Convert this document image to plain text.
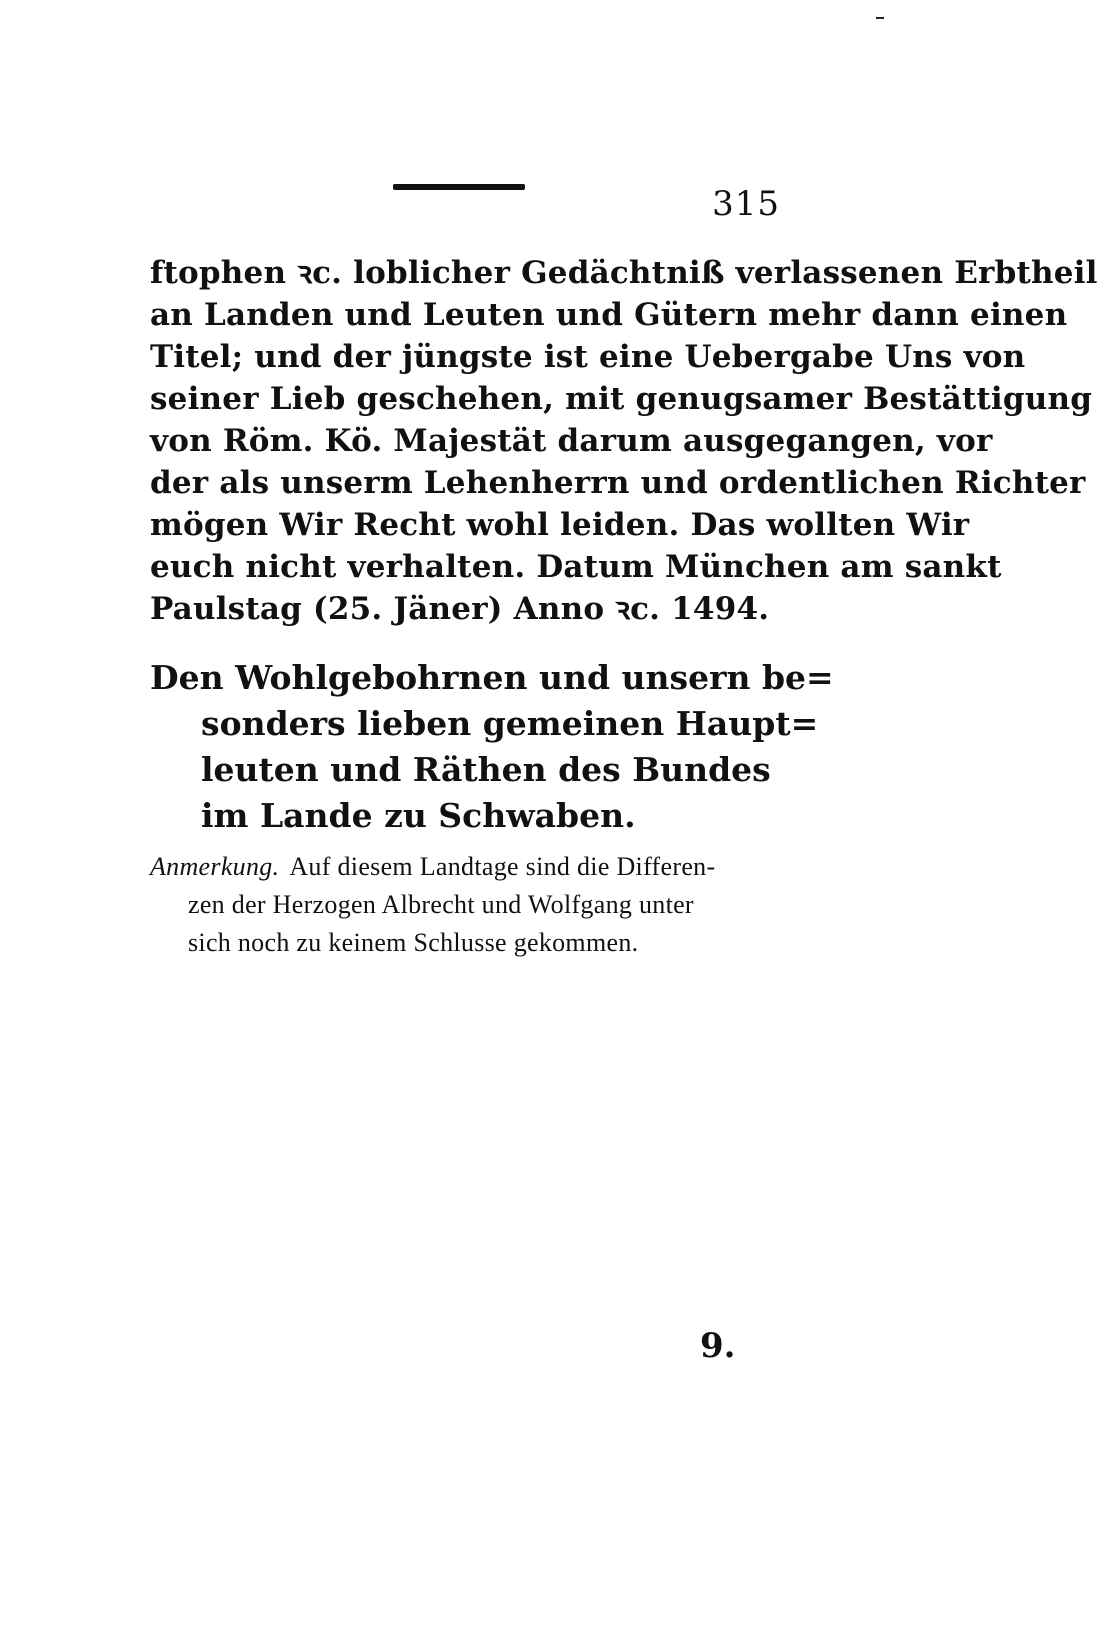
315
ftophen ꝛc. loblicher Gedächtniß verlassenen Erbtheil
an Landen und Leuten und Gütern mehr dann einen
Titel; und der jüngste ist eine Uebergabe Uns von
seiner Lieb geschehen, mit genugsamer Bestättigung
von Röm. Kö. Majestät darum ausgegangen, vor
der als unserm Lehenherrn und ordentlichen Richter
mögen Wir Recht wohl leiden. Das wollten Wir
euch nicht verhalten. Datum München am sankt
Paulstag (25. Jäner) Anno ꝛc. 1494.
Den Wohlgebohrnen und unsern be=
sonders lieben gemeinen Haupt=
leuten und Räthen des Bundes
im Lande zu Schwaben.
Anmerkung. Auf diesem Landtage sind die Differen-
zen der Herzogen Albrecht und Wolfgang unter
sich noch zu keinem Schlusse gekommen.
9.
